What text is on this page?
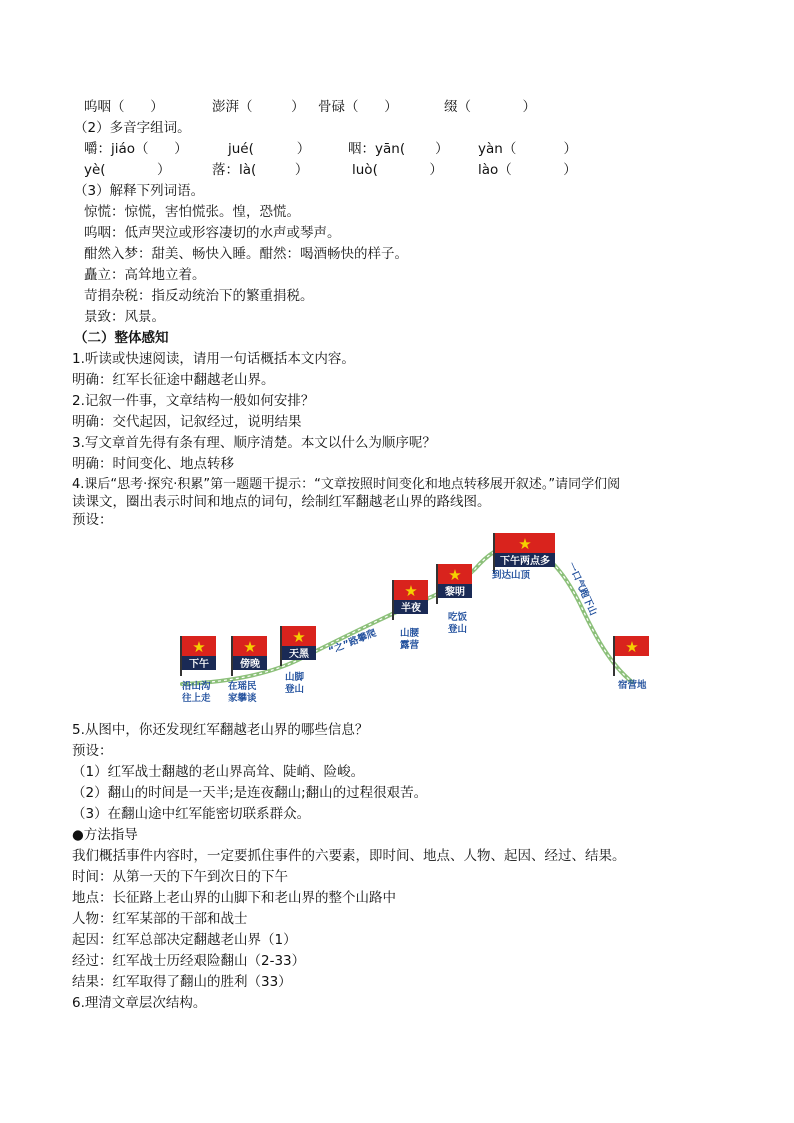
呜咽（      ）	澎湃（         ） 骨碌（      ）	缀（            ）
（2）多音字组词。
嚼：jiáo（      ）	jué(          ）	咽：yān(       ） yàn（           ）
yè(            ）	落：là(         ）	luò(            ）	lào（            ）
（3）解释下列词语。
惊慌：惊慌，害怕慌张。惶，恐慌。
呜咽：低声哭泣或形容凄切的水声或琴声。
酣然入梦：甜美、畅快入睡。酣然：喝酒畅快的样子。
矗立：高耸地立着。
苛捐杂税：指反动统治下的繁重捐税。
景致：风景。
（二）整体感知
1.听读或快速阅读，请用一句话概括本文内容。
明确：红军长征途中翻越老山界。
2.记叙一件事，文章结构一般如何安排？
明确：交代起因，记叙经过，说明结果
3.写文章首先得有条有理、顺序清楚。本文以什么为顺序呢？
明确：时间变化、地点转移
4.课后“思考·探究·积累”第一题题干提示：“文章按照时间变化和地点转移展开叙述。”请同学们阅
读课文，圈出表示时间和地点的词句，绘制红军翻越老山界的路线图。
预设：
★
下午
沿山沟
往上走
★
傍晚
在瑶民
家攀谈
★
天黑
山脚
登山
★
半夜
山腰
露营
★
黎明
吃饭
登山
★
下午两点多
到达山顶
★
宿营地
“之”路攀爬
一口气跑下山
5.从图中，你还发现红军翻越老山界的哪些信息？
预设：
（1）红军战士翻越的老山界高耸、陡峭、险峻。
（2）翻山的时间是一天半;是连夜翻山;翻山的过程很艰苦。
（3）在翻山途中红军能密切联系群众。
●方法指导
我们概括事件内容时，一定要抓住事件的六要素，即时间、地点、人物、起因、经过、结果。
时间：从第一天的下午到次日的下午
地点：长征路上老山界的山脚下和老山界的整个山路中
人物：红军某部的干部和战士
起因：红军总部决定翻越老山界（1）
经过：红军战士历经艰险翻山（2-33）
结果：红军取得了翻山的胜利（33）
6.理清文章层次结构。
